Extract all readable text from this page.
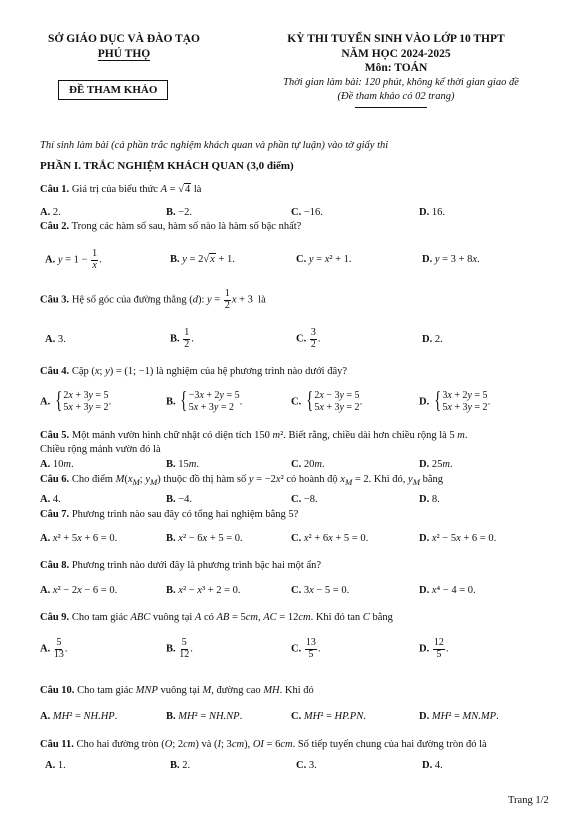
SỞ GIÁO DỤC VÀ ĐÀO TẠO
PHÚ THỌ
ĐỀ THAM KHẢO
KỲ THI TUYỂN SINH VÀO LỚP 10 THPT
NĂM HỌC 2024-2025
Môn: TOÁN
Thời gian làm bài: 120 phút, không kể thời gian giao đề
(Đề tham khảo có 02 trang)
Thí sinh làm bài (cả phần trắc nghiệm khách quan và phần tự luận) vào tờ giấy thi
PHẦN I. TRẮC NGHIỆM KHÁCH QUAN (3,0 điểm)
Câu 1. Giá trị của biểu thức A = √4 là
A. 2.	B. −2.	C. −16.	D. 16.
Câu 2. Trong các hàm số sau, hàm số nào là hàm số bậc nhất?
A. $y = 1 - \frac{1}{x}$ .	B. y = 2√x + 1.	C. y = x² + 1.	D. y = 3 + 8x.
Câu 3. Hệ số góc của đường thẳng (d): $y = \frac{1}{2}$ x + 3  là
A. 3.	B. $\frac{1}{2}$ .	C. $\frac{3}{2}$ .	D. 2.
Câu 4. Cặp (x; y) = (1; −1) là nghiệm của hệ phương trình nào dưới đây?
A. { 2x + 3y = 5
5x + 3y = 2
.	B. { −3x + 2y = 5
5x + 3y = 2
.	C. { 2x − 3y = 5
5x + 3y = 2
.	D. { 3x + 2y = 5
5x + 3y = 2
.
Câu 5. Một mảnh vườn hình chữ nhật có diện tích 150 m². Biết rằng, chiều dài hơn chiều rộng là 5 m.
Chiều rộng mảnh vườn đó là
A. 10m.	B. 15m.	C. 20m.	D. 25m.
Câu 6. Cho điểm $M(x_M$; $y_M$) thuộc đồ thị hàm số y = −2x² có hoành độ $x_M = 2$. Khi đó, $y_M$ bằng
A. 4.	B. −4.	C. −8.	D. 8.
Câu 7. Phương trình nào sau đây có tổng hai nghiệm bằng 5?
A. x² + 5x + 6 = 0.	B. x² − 6x + 5 = 0.	C. x² + 6x + 5 = 0.	D. x² − 5x + 6 = 0.
Câu 8. Phương trình nào dưới đây là phương trình bậc hai một ẩn?
A. x² − 2x − 6 = 0.	B. x² − x³ + 2 = 0.	C. 3x − 5 = 0.	D. x⁴ − 4 = 0.
Câu 9. Cho tam giác ABC vuông tại A có AB = 5cm, AC = 12cm. Khi đó tan C bằng
A. $\frac{5}{13}$ .	B. $\frac{5}{12}$ .	C. $\frac{13}{5}$ .	D. $\frac{12}{5}$ .
Câu 10. Cho tam giác MNP vuông tại M, đường cao MH. Khi đó
A. MH² = NH.HP.	B. MH² = NH.NP.	C. MH² = HP.PN.	D. MH² = MN.MP.
Câu 11. Cho hai đường tròn (O; 2cm) và (I; 3cm), OI = 6cm. Số tiếp tuyến chung của hai đường tròn đó là
A. 1.	B. 2.	C. 3.	D. 4.
Trang 1/2
